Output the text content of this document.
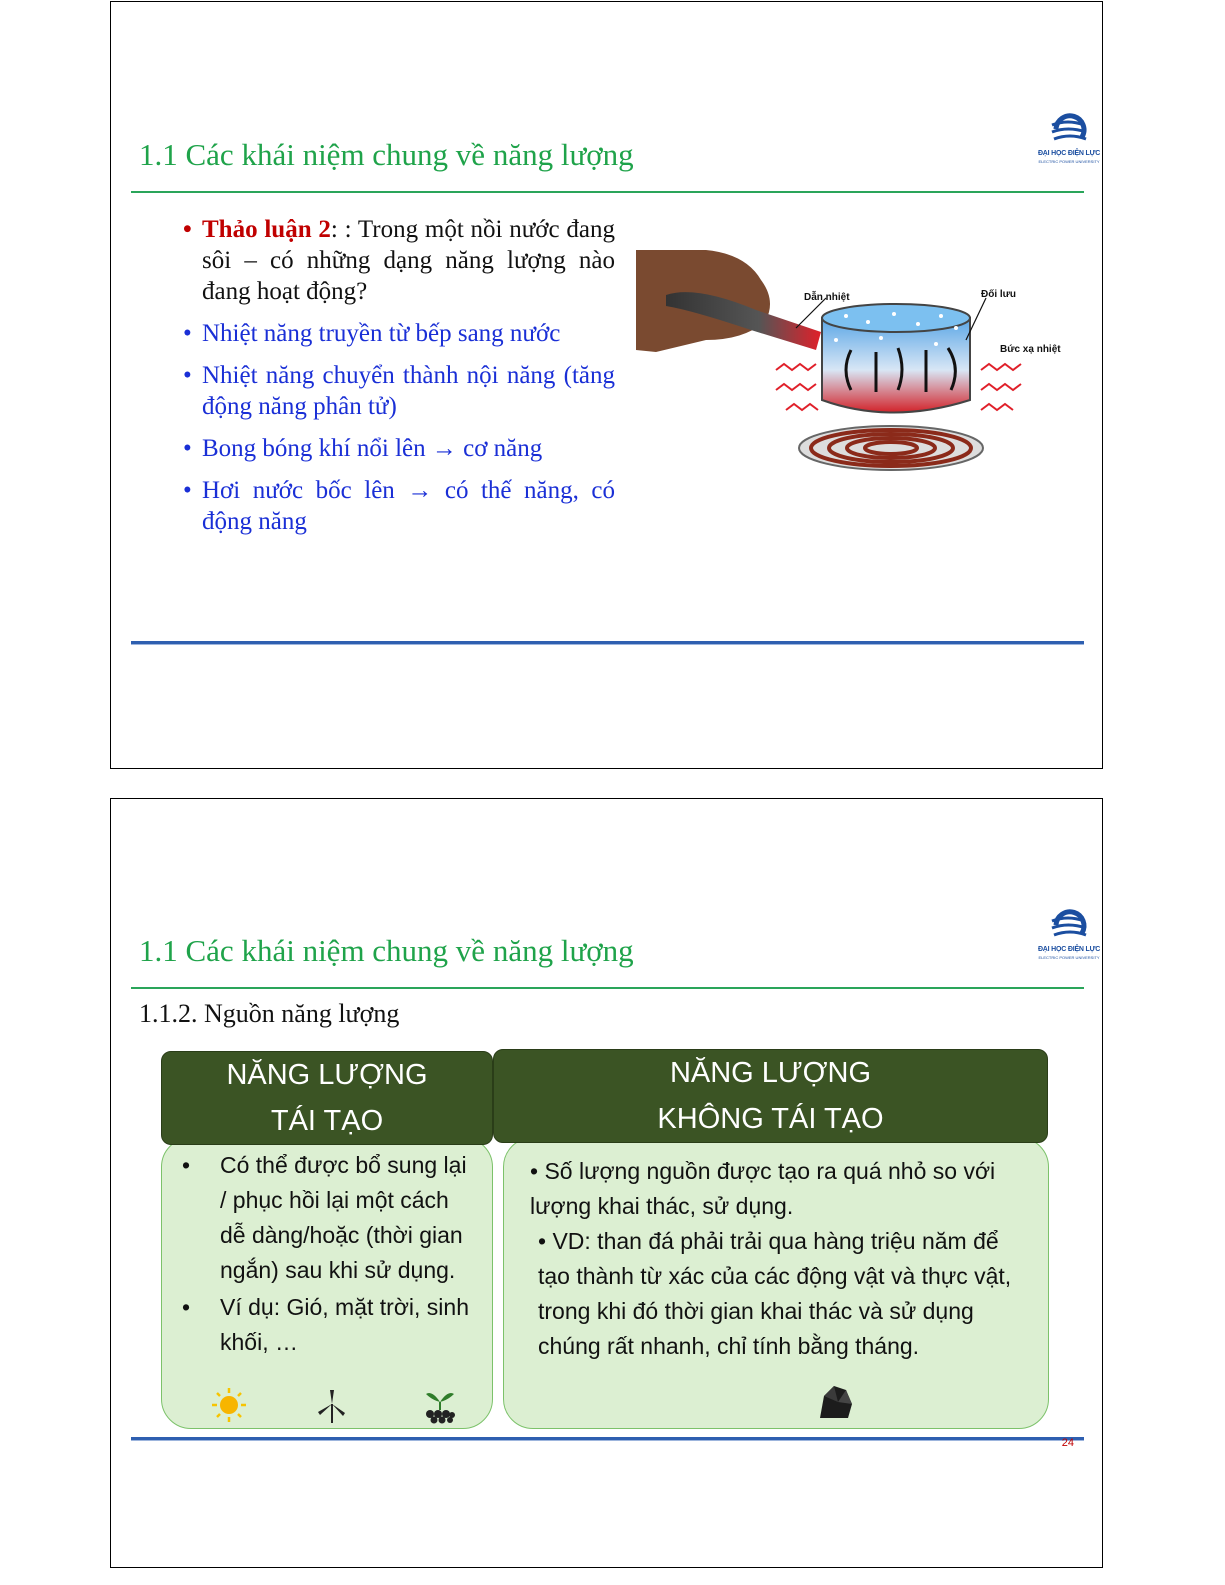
1.1 Các khái niệm chung về năng lượng	ĐẠI HỌC ĐIỆN LỰC
ELECTRIC POWER UNIVERSITY
• Thảo luận 2: : Trong một nồi nước đang sôi – có những dạng năng lượng nào đang hoạt động?
• Nhiệt năng truyền từ bếp sang nước
• Nhiệt năng chuyển thành nội năng (tăng động năng phân tử)
• Bong bóng khí nổi lên → cơ năng
• Hơi nước bốc lên → có thế năng, có động năng
Dẫn nhiệt	Đối lưu
Bức xạ nhiệt
1.1 Các khái niệm chung về năng lượng	ĐẠI HỌC ĐIỆN LỰC
ELECTRIC POWER UNIVERSITY
1.1.2. Nguồn năng lượng
• Có thể được bổ sung lại / phục hồi lại một cách dễ dàng/hoặc (thời gian ngắn) sau khi sử dụng.
• Ví dụ: Gió, mặt trời, sinh khối, …
NĂNG LƯỢNG
TÁI TẠO
• Số lượng nguồn được tạo ra quá nhỏ so với lượng khai thác, sử dụng.
• VD: than đá phải trải qua hàng triệu năm để tạo thành từ xác của các động vật và thực vật, trong khi đó thời gian khai thác và sử dụng chúng rất nhanh, chỉ tính bằng tháng.
NĂNG LƯỢNG
KHÔNG TÁI TẠO
24
